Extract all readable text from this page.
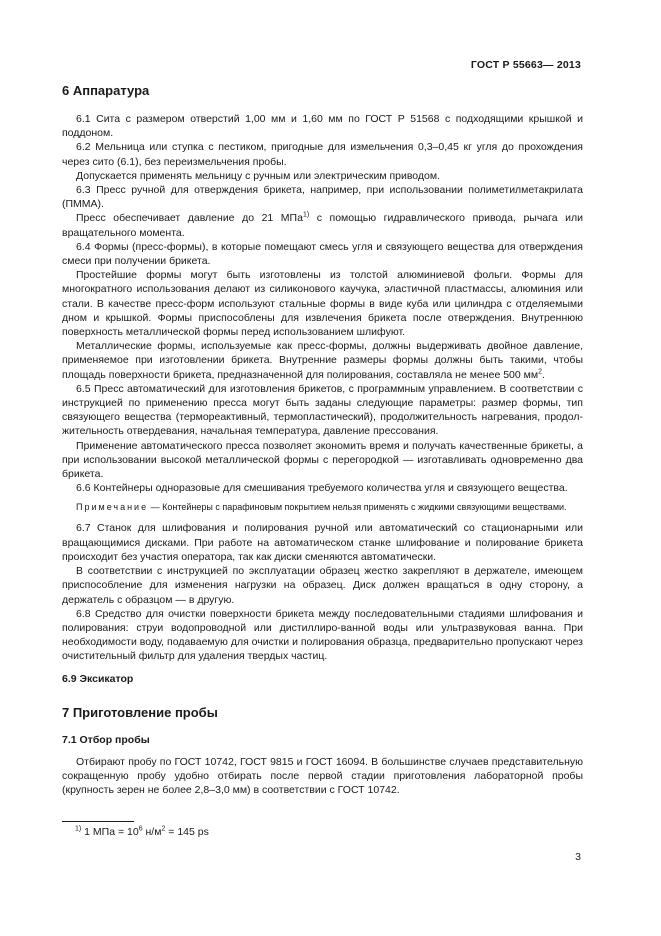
ГОСТ Р 55663— 2013
6 Аппаратура

6.1 Сита с размером отверстий 1,00 мм и 1,60 мм по ГОСТ Р 51568 с подходящими крышкой и поддоном.

6.2 Мельница или ступка с пестиком, пригодные для измельчения 0,3–0,45 кг угля до прохождения через сито (6.1), без переизмельчения пробы.

Допускается применять мельницу с ручным или электрическим приводом.

6.3 Пресс ручной для отверждения брикета, например, при использовании полиметилметакрилата (ПММА).

Пресс обеспечивает давление до 21 МПа$^{1)}$ с помощью гидравлического привода, рычага или вращательного момента.

6.4 Формы (пресс-формы), в которые помещают смесь угля и связующего вещества для отверждения смеси при получении брикета.

Простейшие формы могут быть изготовлены из толстой алюминиевой фольги. Формы для многократного использования делают из силиконового каучука, эластичной пластмассы, алюминия или стали. В качестве пресс-форм используют стальные формы в виде куба или цилиндра с отделяемыми дном и крышкой. Формы приспособлены для извлечения брикета после отверждения. Внутреннюю поверхность металлической формы перед использованием шлифуют.

Металлические формы, используемые как пресс-формы, должны выдерживать двойное давление, применяемое при изготовлении брикета. Внутренние размеры формы должны быть такими, чтобы площадь поверхности брикета, предназначенной для полирования, составляла не менее 500 $мм^2$.

6.5 Пресс автоматический для изготовления брикетов, с программным управлением. В соответствии с инструкцией по применению пресса могут быть заданы следующие параметры: размер формы, тип связующего вещества (термореактивный, термопластический), продолжительность нагревания, продол-жительность отвердевания, начальная температура, давление прессования.

Применение автоматического пресса позволяет экономить время и получать качественные брикеты, а при использовании высокой металлической формы с перегородкой — изготавливать одновременно два брикета.

6.6 Контейнеры одноразовые для смешивания требуемого количества угля и связующего вещества.

Примечание — Контейнеры с парафиновым покрытием нельзя применять с жидкими связующими веществами.

6.7 Станок для шлифования и полирования ручной или автоматический со стационарными или вращающимися дисками. При работе на автоматическом станке шлифование и полирование брикета происходит без участия оператора, так как диски сменяются автоматически.

В соответствии с инструкцией по эксплуатации образец жестко закрепляют в держателе, имеющем приспособление для изменения нагрузки на образец. Диск должен вращаться в одну сторону, а держатель с образцом — в другую.

6.8 Средство для очистки поверхности брикета между последовательными стадиями шлифования и полирования: струи водопроводной или дистиллиро-ванной воды или ультразвуковая ванна. При необходимости воду, подаваемую для очистки и полирования образца, предварительно пропускают через очистительный фильтр для удаления твердых частиц.

6.9 Эксикатор
7 Приготовление пробы
7.1 Отбор пробы

Отбирают пробу по ГОСТ 10742, ГОСТ 9815 и ГОСТ 16094. В большинстве случаев представительную сокращенную пробу удобно отбирать после первой стадии приготовления лабораторной пробы (крупность зерен не более 2,8–3,0 мм) в соответствии с ГОСТ 10742.

$^{1)}$ 1 МПа = $10^6$ $н/м^2 = 145$ ps
3
